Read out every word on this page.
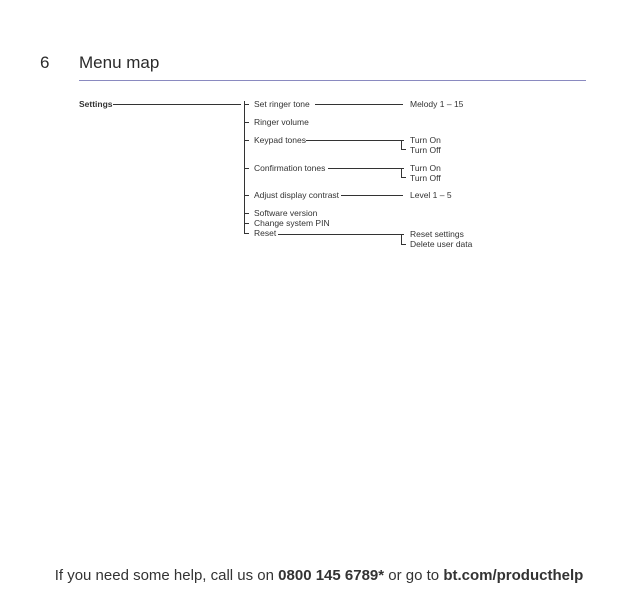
6 Menu map
Settings	Set ringer tone
Ringer volume
Keypad tones
Confirmation tones
Adjust display contrast
Software version
Change system PIN
Reset
Melody 1 – 15
Turn On
Turn Off
Turn On
Turn Off
Level 1 – 5
Reset settings
Delete user data
If you need some help, call us on 0800 145 6789* or go to bt.com/producthelp
